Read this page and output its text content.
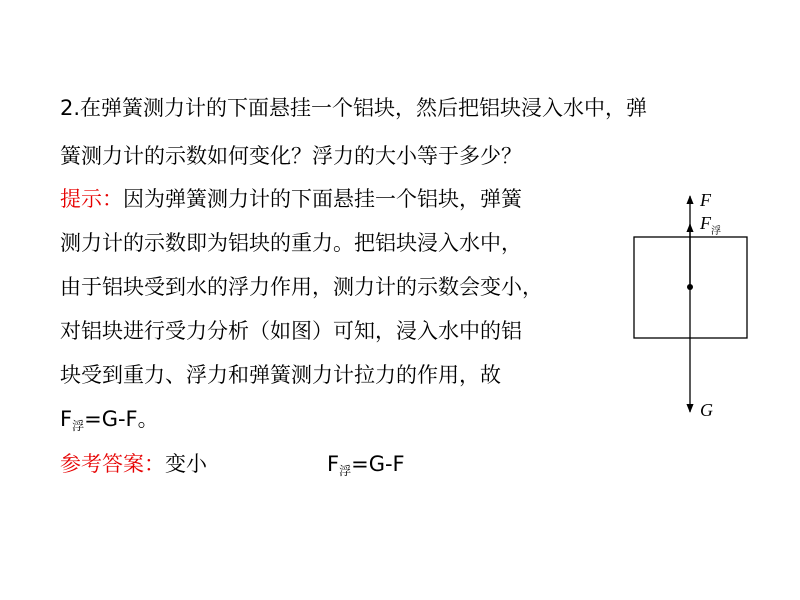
2.在弹簧测力计的下面悬挂一个铝块，然后把铝块浸入水中，弹
簧测力计的示数如何变化？浮力的大小等于多少？
提示：因为弹簧测力计的下面悬挂一个铝块，弹簧
测力计的示数即为铝块的重力。把铝块浸入水中，
由于铝块受到水的浮力作用，测力计的示数会变小，
对铝块进行受力分析（如图）可知，浸入水中的铝
块受到重力、浮力和弹簧测力计拉力的作用，故
$F_浮=G-F$。
参考答案：变小	$F_浮=G-F$
F
F 浮
G
